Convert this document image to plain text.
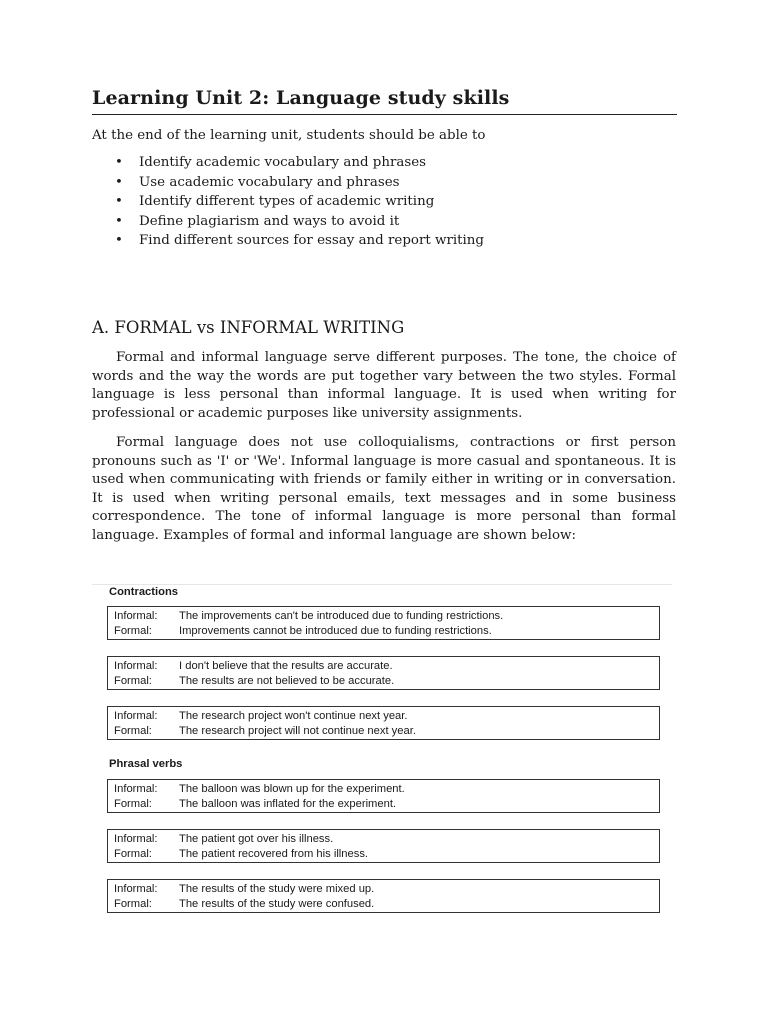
Learning Unit 2: Language study skills

At the end of the learning unit, students should be able to

• Identify academic vocabulary and phrases
• Use academic vocabulary and phrases
• Identify different types of academic writing
• Define plagiarism and ways to avoid it
• Find different sources for essay and report writing
A. FORMAL vs INFORMAL WRITING

Formal and informal language serve different purposes. The tone, the choice of words and the way the words are put together vary between the two styles. Formal language is less personal than informal language. It is used when writing for professional or academic purposes like university assignments.

Formal language does not use colloquialisms, contractions or first person pronouns such as 'I' or 'We'. Informal language is more casual and spontaneous. It is used when communicating with friends or family either in writing or in conversation. It is used when writing personal emails, text messages and in some business correspondence. The tone of informal language is more personal than formal language. Examples of formal and informal language are shown below:

Contractions
Informal: The improvements can't be introduced due to funding restrictions.
Formal: Improvements cannot be introduced due to funding restrictions.
Informal: I don't believe that the results are accurate.
Formal: The results are not believed to be accurate.
Informal: The research project won't continue next year.
Formal: The research project will not continue next year.
Phrasal verbs
Informal: The balloon was blown up for the experiment.
Formal: The balloon was inflated for the experiment.
Informal: The patient got over his illness.
Formal: The patient recovered from his illness.
Informal: The results of the study were mixed up.
Formal: The results of the study were confused.
